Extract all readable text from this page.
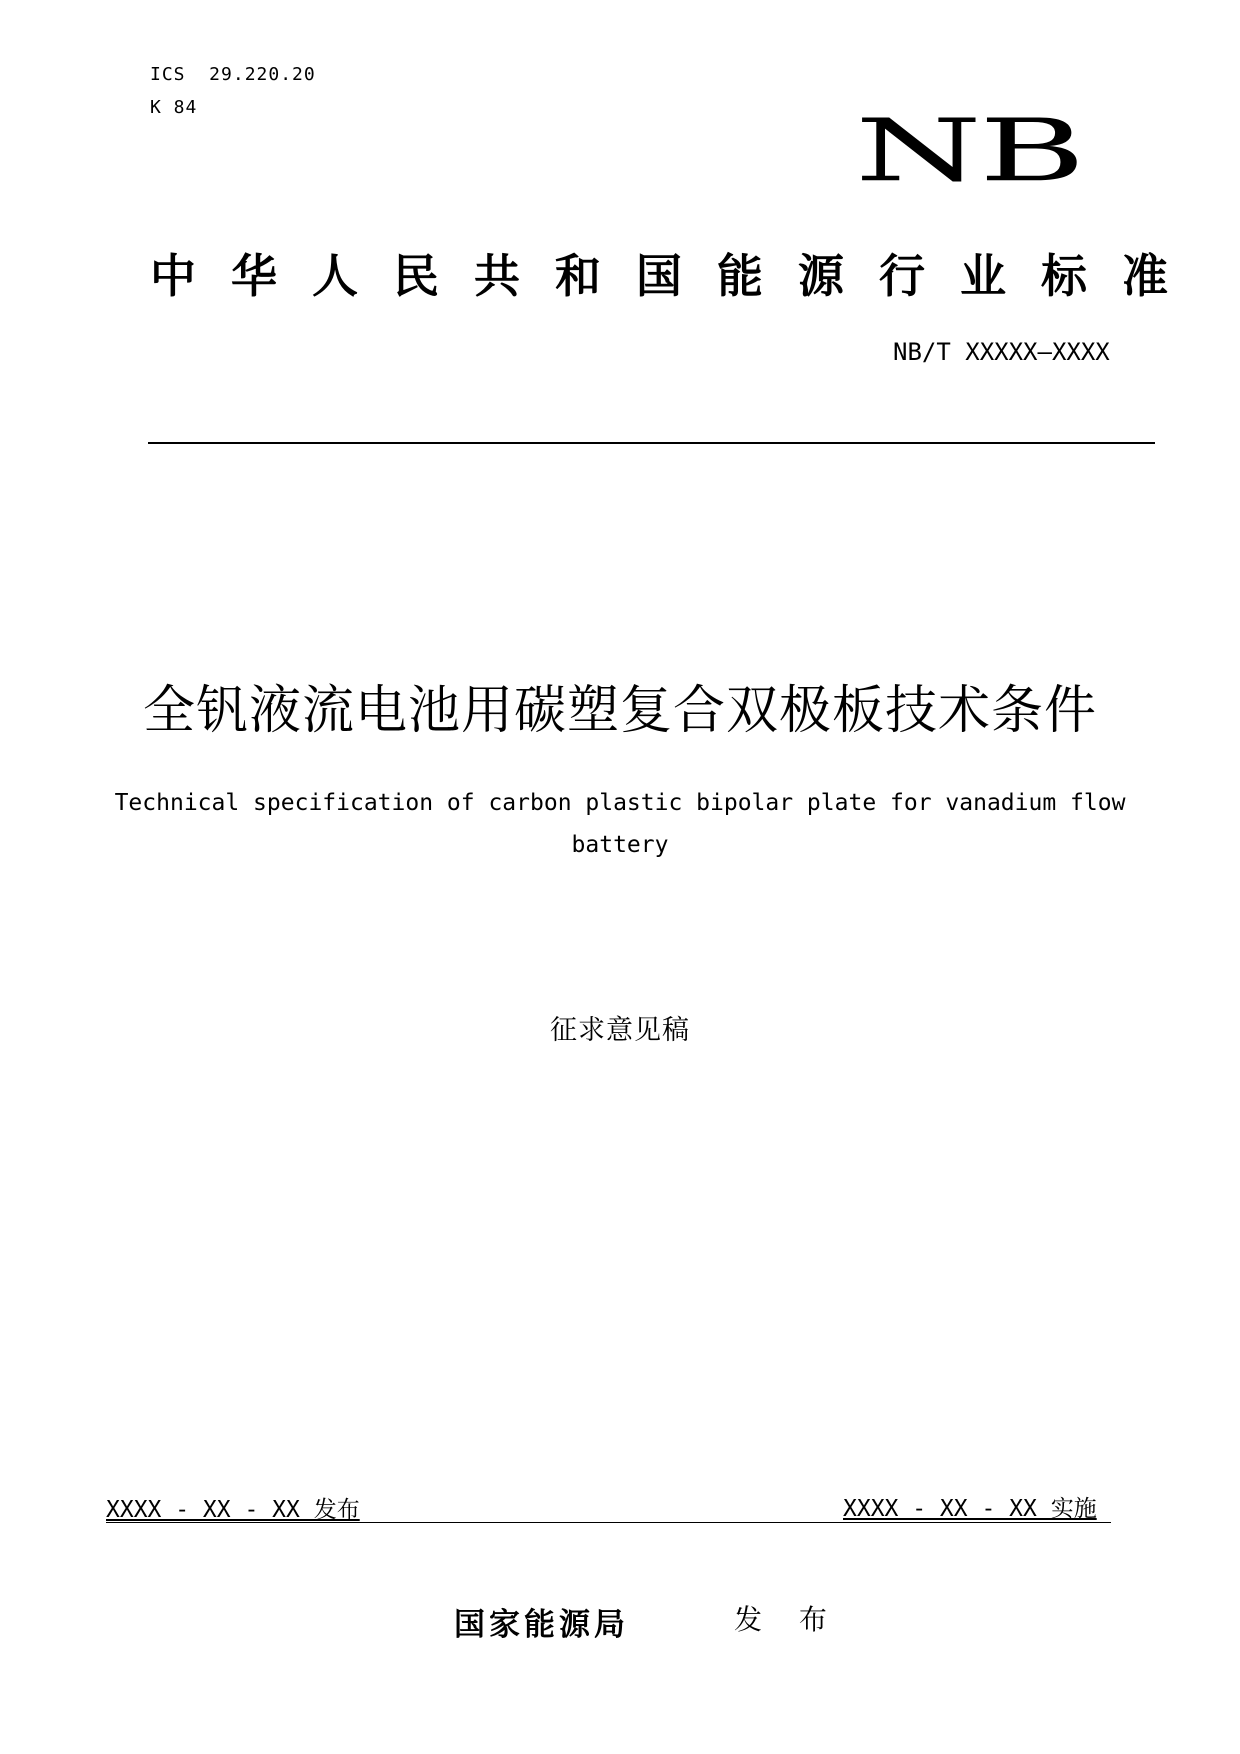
ICS  29.220.20
K 84	NB
中华人民共和国能源行业标准
NB/T XXXXX—XXXX
全钒液流电池用碳塑复合双极板技术条件
Technical specification of carbon plastic bipolar plate for vanadium flow battery
征求意见稿
XXXX - XX - XX 发布	XXXX - XX - XX 实施
国家能源局	发 布
